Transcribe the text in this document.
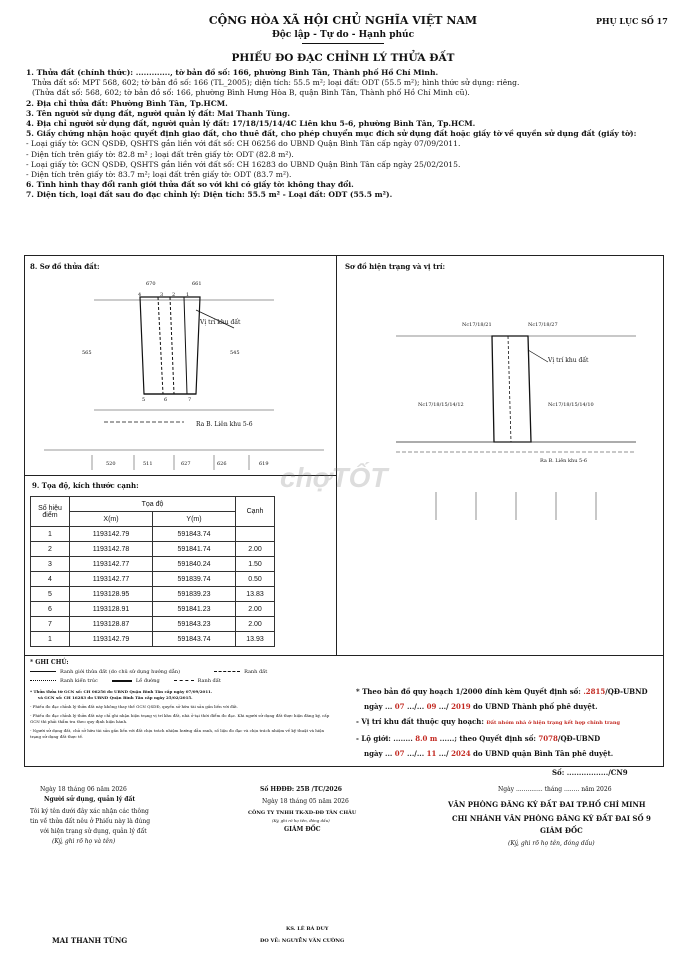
PHỤ LỤC SỐ 17
CỘNG HÒA XÃ HỘI CHỦ NGHĨA VIỆT NAM
Độc lập - Tự do - Hạnh phúc
PHIẾU ĐO ĐẠC CHỈNH LÝ THỬA ĐẤT
1. Thửa đất (chính thức): ............., tờ bản đồ số: 166, phường Bình Tân, Thành phố Hồ Chí Minh.
Thửa đất số: MPT 568, 602; tờ bản đồ số: 166 (TL_2005); diện tích: 55.5 m²; loại đất: ODT (55.5 m²); hình thức sử dụng: riêng.
(Thửa đất số: 568, 602; tờ bản đồ số: 166, phường Bình Hưng Hòa B, quận Bình Tân, Thành phố Hồ Chí Minh cũ).
2. Địa chỉ thửa đất: Phường Bình Tân, Tp.HCM.
3. Tên người sử dụng đất, người quản lý đất: Mai Thanh Tùng.
4. Địa chỉ người sử dụng đất, người quản lý đất: 17/18/15/14/4C Liên khu 5-6, phường Bình Tân, Tp.HCM.
5. Giấy chứng nhận hoặc quyết định giao đất, cho thuê đất, cho phép chuyển mục đích sử dụng đất hoặc giấy tờ về quyền sử dụng đất (giấy tờ):
- Loại giấy tờ: GCN QSDĐ, QSHTS gắn liền với đất số: CH 06256 do UBND Quận Bình Tân cấp ngày 07/09/2011.
- Diện tích trên giấy tờ: 82.8 m² ; loại đất trên giấy tờ: ODT (82.8 m²).
- Loại giấy tờ: GCN QSDĐ, QSHTS gắn liền với đất số: CH 16283 do UBND Quận Bình Tân cấp ngày 25/02/2015.
- Diện tích trên giấy tờ: 83.7 m²; loại đất trên giấy tờ: ODT (83.7 m²).
6. Tình hình thay đổi ranh giới thửa đất so với khi có giấy tờ: không thay đổi.
7. Diện tích, loại đất sau đo đạc chỉnh lý: Diện tích: 55.5 m² - Loại đất: ODT (55.5 m²).
8. Sơ đồ thửa đất:
Vị trí khu đất
Ra B. Liên khu 5-6
670	661
565	545
4	3 2 1
5	6	7
520	511	627	626	619
Sơ đồ hiện trạng và vị trí:
Nc17/18/21	Nc17/18/27
Nc17/18/15/14/12	Nc17/18/15/14/10
Vị trí khu đất
Ra B. Liên khu 5-6
9. Tọa độ, kích thước cạnh:
Số hiệu điểm	Tọa độ		Cạnh
	X(m)	Y(m)	
1	1193142.79	591843.74	
2	1193142.78	591841.74	2.00
3	1193142.77	591840.24	1.50
4	1193142.77	591839.74	0.50
5	1193128.95	591839.23	13.83
6	1193128.91	591841.23	2.00
7	1193128.87	591843.23	2.00
1	1193142.79	591843.74	13.93
* GHI CHÚ:
Ranh giới thửa đất (do chủ sử dụng hướng dẫn)	Ranh đất
Ranh kiến trúc	Lề đường	Ranh đất
* Thửa thửa từ GCN số: CH 06256 do UBND Quận Bình Tân cấp ngày 07/09/2011.
và GCN số: CH 16283 do UBND Quận Bình Tân cấp ngày 25/02/2015.
- Phiếu đo đạc chỉnh lý thửa đất này không thay thế GCN QSDĐ, quyền sở hữu tài sản gắn liền với đất.
- Phiếu đo đạc chỉnh lý thửa đất này chỉ ghi nhận hiện trạng vị trí khu đất, nhà ở tại thời điểm đo đạc. Khi người sử dụng đất thực hiện đăng ký, cấp GCN thì phải thẩm tra theo quy định hiện hành.
- Người sử dụng đất, chủ sở hữu tài sản gắn liền với đất chịu trách nhiệm hướng dẫn ranh, số liệu đo đạc và chịu trách nhiệm về kỹ thuật và hiện trạng sử dụng đất thực tế.
* Theo bản đồ quy hoạch 1/2000 đính kèm Quyết định số: .2815/QĐ-UBND
ngày ... 07 .../... 09 .../ 2019 do UBND Thành phố phê duyệt.
- Vị trí khu đất thuộc quy hoạch: Đất nhóm nhà ở hiện trạng kết hợp chỉnh trang
- Lộ giới: ........ 8.0 m ......; theo Quyết định số: 7078/QĐ-UBND
ngày ... 07 .../... 11 .../ 2024 do UBND quận Bình Tân phê duyệt.
Số: ................./CN9
Ngày 18 tháng 06 năm 2026
Người sử dụng, quản lý đất
Tôi ký tên dưới đây xác nhận các thông
tin về thửa đất nêu ở Phiếu này là đúng
với hiện trạng sử dụng, quản lý đất
(Ký, ghi rõ họ và tên)
MAI THANH TÙNG
Số HĐĐĐ: 25B /TC/2026
Ngày 18 tháng 05 năm 2026
CÔNG TY TNHH TK-XD-ĐĐ TÂN CHÂU
(Ký, ghi rõ họ tên, đóng dấu)
GIÁM ĐỐC
KS. LÊ BÁ DUY
ĐO VẼ: NGUYỄN VĂN CƯỜNG
Ngày .............. tháng ........ năm 2026
VĂN PHÒNG ĐĂNG KÝ ĐẤT ĐAI TP.HỒ CHÍ MINH
CHI NHÁNH VĂN PHÒNG ĐĂNG KÝ ĐẤT ĐAI SỐ 9
GIÁM ĐỐC
(Ký, ghi rõ họ tên, đóng dấu)
chợTỐT
